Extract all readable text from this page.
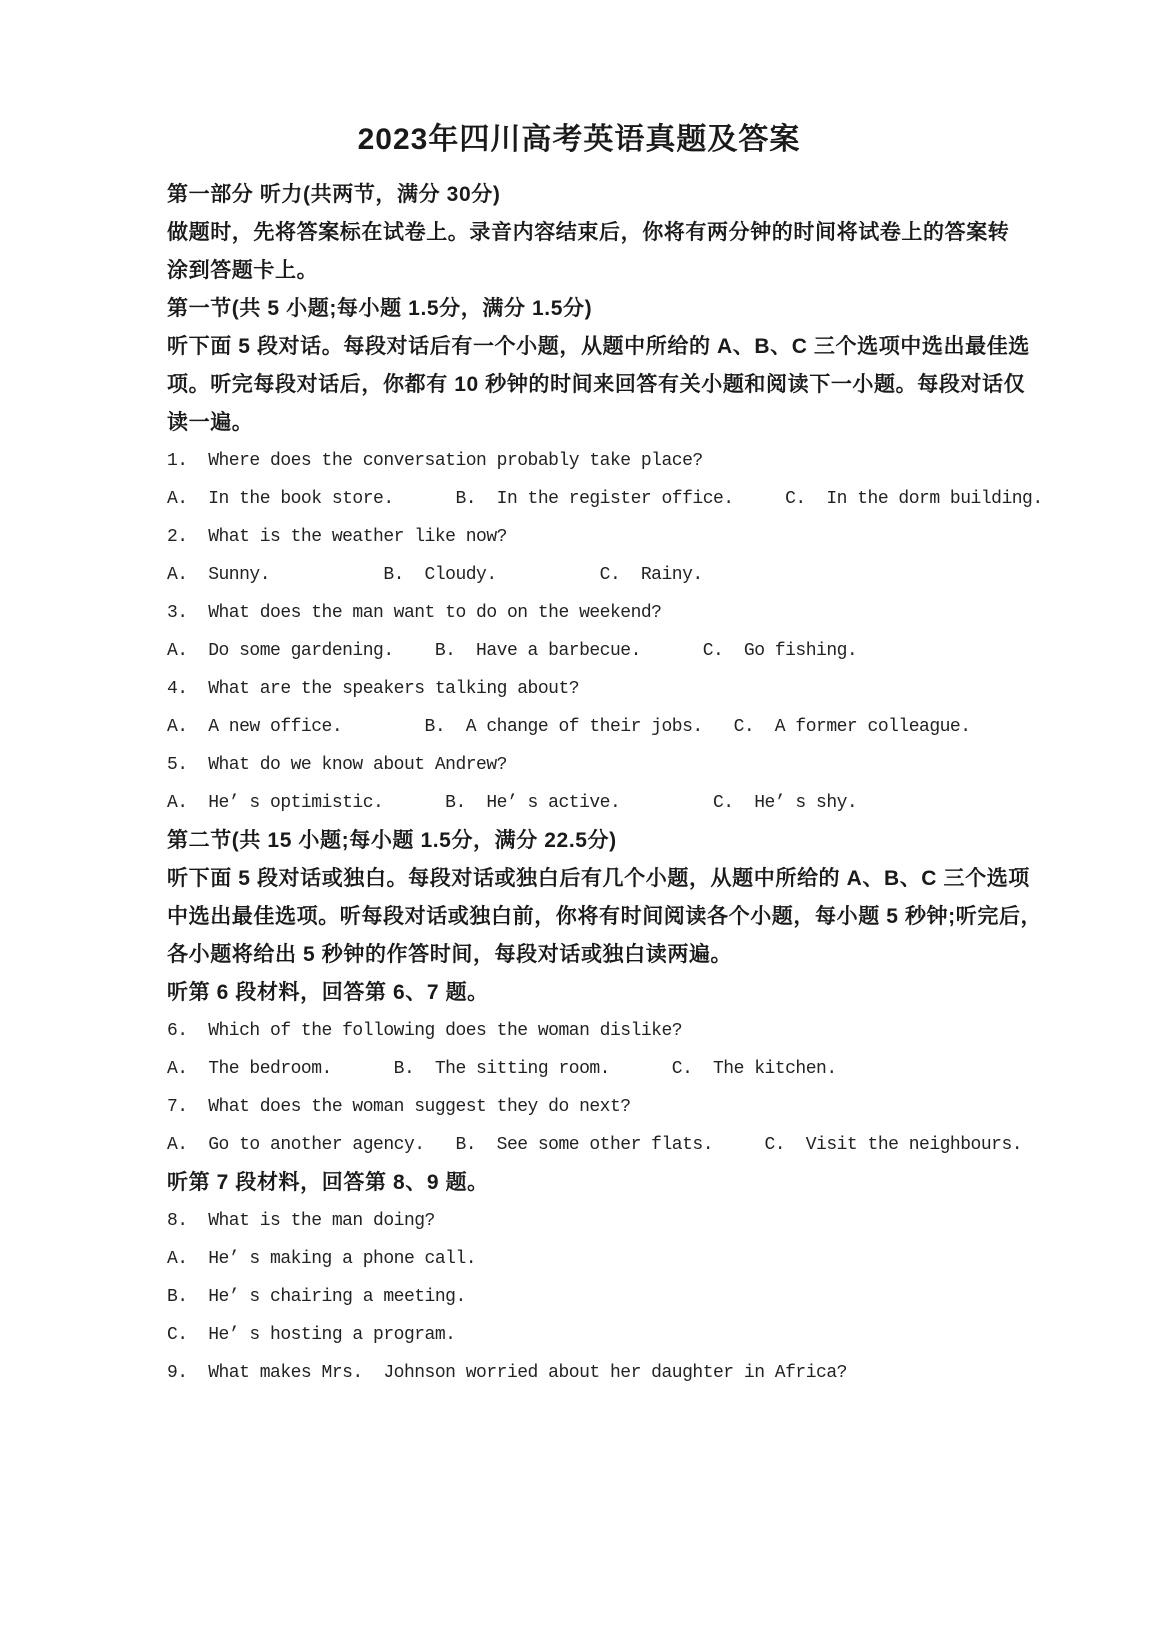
2023年四川高考英语真题及答案
第一部分 听力(共两节，满分 30分)
做题时，先将答案标在试卷上。录音内容结束后，你将有两分钟的时间将试卷上的答案转
涂到答题卡上。
第一节(共 5 小题;每小题 1.5分，满分 1.5分)
听下面 5 段对话。每段对话后有一个小题，从题中所给的 A、B、C 三个选项中选出最佳选
项。听完每段对话后，你都有 10 秒钟的时间来回答有关小题和阅读下一小题。每段对话仅
读一遍。
1.  Where does the conversation probably take place?
A.  In the book store.      B.  In the register office.     C.  In the dorm building.
2.  What is the weather like now?
A.  Sunny.           B.  Cloudy.          C.  Rainy.
3.  What does the man want to do on the weekend?
A.  Do some gardening.    B.  Have a barbecue.      C.  Go fishing.
4.  What are the speakers talking about?
A.  A new office.        B.  A change of their jobs.   C.  A former colleague.
5.  What do we know about Andrew?
A.  He’ s optimistic.      B.  He’ s active.         C.  He’ s shy.
第二节(共 15 小题;每小题 1.5分，满分 22.5分)
听下面 5 段对话或独白。每段对话或独白后有几个小题，从题中所给的 A、B、C 三个选项
中选出最佳选项。听每段对话或独白前，你将有时间阅读各个小题，每小题 5 秒钟;听完后，
各小题将给出 5 秒钟的作答时间，每段对话或独白读两遍。
听第 6 段材料，回答第 6、7 题。
6.  Which of the following does the woman dislike?
A.  The bedroom.      B.  The sitting room.      C.  The kitchen.
7.  What does the woman suggest they do next?
A.  Go to another agency.   B.  See some other flats.     C.  Visit the neighbours.
听第 7 段材料，回答第 8、9 题。
8.  What is the man doing?
A.  He’ s making a phone call.
B.  He’ s chairing a meeting.
C.  He’ s hosting a program.
9.  What makes Mrs.  Johnson worried about her daughter in Africa?
